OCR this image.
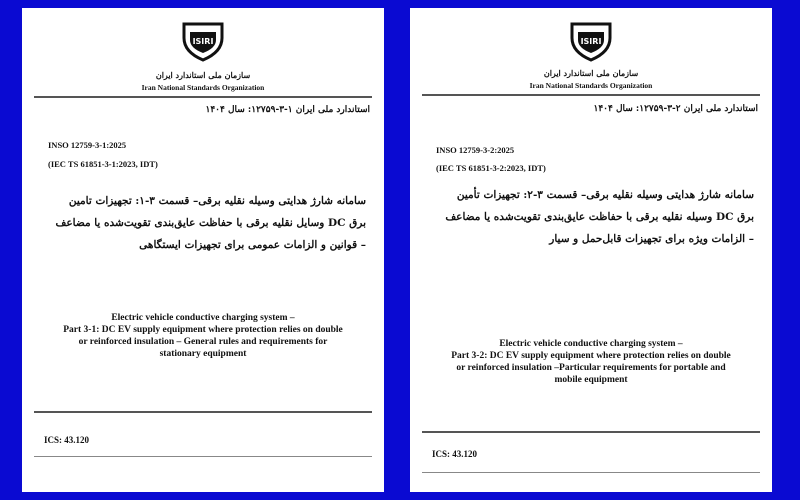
ISIRI
سازمان ملی استاندارد ایران
Iran National Standards Organization
استاندارد ملی ایران ۱-۳-۱۲۷۵۹: سال ۱۴۰۴
INSO 12759-3-1:2025
(IEC TS 61851-3-1:2023, IDT)
سامانه شارژ هدایتی وسیله نقلیه برقی– قسمت ۳-۱: تجهیزات تامین
برق DC وسایل نقلیه برقی با حفاظت عایق‌بندی تقویت‌شده یا مضاعف
– قوانین و الزامات عمومی برای تجهیزات ایستگاهی
Electric vehicle conductive charging system –
Part 3-1: DC EV supply equipment where protection relies on double
or reinforced insulation – General rules and requirements for
stationary equipment
ICS: 43.120
ISIRI
سازمان ملی استاندارد ایران
Iran National Standards Organization
استاندارد ملی ایران ۲-۳-۱۲۷۵۹: سال ۱۴۰۴
INSO 12759-3-2:2025
(IEC TS 61851-3-2:2023, IDT)
سامانه شارژ هدایتی وسیله نقلیه برقی– قسمت ۳-۲: تجهیزات تأمین
برق DC وسیله نقلیه برقی با حفاظت عایق‌بندی تقویت‌شده یا مضاعف
– الزامات ویژه برای تجهیزات قابل‌حمل و سیار
Electric vehicle conductive charging system –
Part 3-2: DC EV supply equipment where protection relies on double
or reinforced insulation –Particular requirements for portable and
mobile equipment
ICS: 43.120
